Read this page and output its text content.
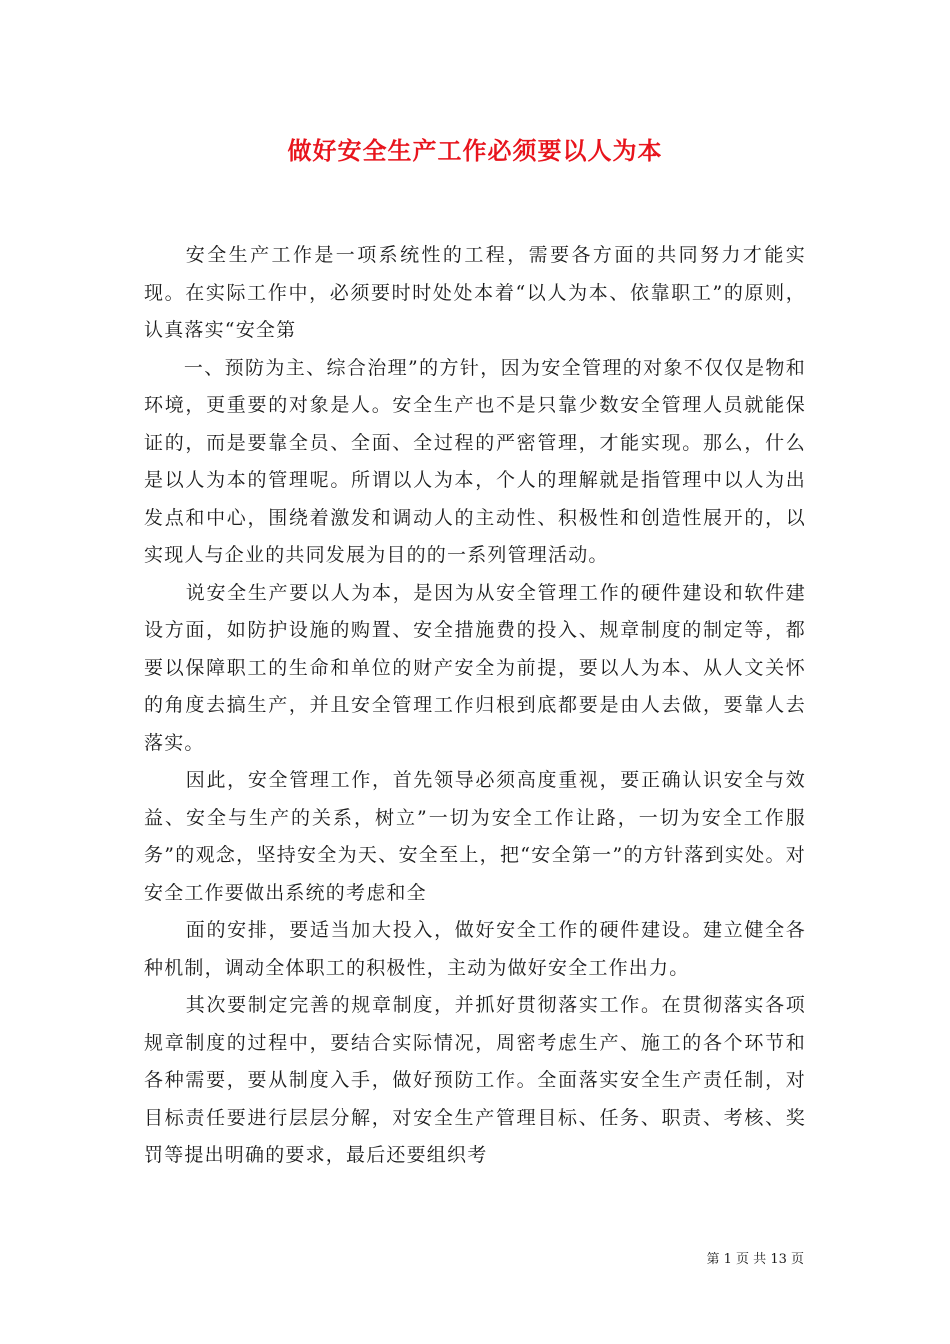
做好安全生产工作必须要以人为本

安全生产工作是一项系统性的工程，需要各方面的共同努力才能实现。在实际工作中，必须要时时处处本着“以人为本、依靠职工”的原则，认真落实“安全第

一、预防为主、综合治理”的方针，因为安全管理的对象不仅仅是物和环境，更重要的对象是人。安全生产也不是只靠少数安全管理人员就能保证的，而是要靠全员、全面、全过程的严密管理，才能实现。那么，什么是以人为本的管理呢。所谓以人为本，个人的理解就是指管理中以人为出发点和中心，围绕着激发和调动人的主动性、积极性和创造性展开的，以实现人与企业的共同发展为目的的一系列管理活动。

说安全生产要以人为本，是因为从安全管理工作的硬件建设和软件建设方面，如防护设施的购置、安全措施费的投入、规章制度的制定等，都要以保障职工的生命和单位的财产安全为前提，要以人为本、从人文关怀的角度去搞生产，并且安全管理工作归根到底都要是由人去做，要靠人去落实。

因此，安全管理工作，首先领导必须高度重视，要正确认识安全与效益、安全与生产的关系，树立”一切为安全工作让路，一切为安全工作服务”的观念，坚持安全为天、安全至上，把“安全第一”的方针落到实处。对安全工作要做出系统的考虑和全

面的安排，要适当加大投入，做好安全工作的硬件建设。建立健全各种机制，调动全体职工的积极性，主动为做好安全工作出力。

其次要制定完善的规章制度，并抓好贯彻落实工作。在贯彻落实各项规章制度的过程中，要结合实际情况，周密考虑生产、施工的各个环节和各种需要，要从制度入手，做好预防工作。全面落实安全生产责任制，对目标责任要进行层层分解，对安全生产管理目标、任务、职责、考核、奖罚等提出明确的要求，最后还要组织考

第 1 页 共 13 页
